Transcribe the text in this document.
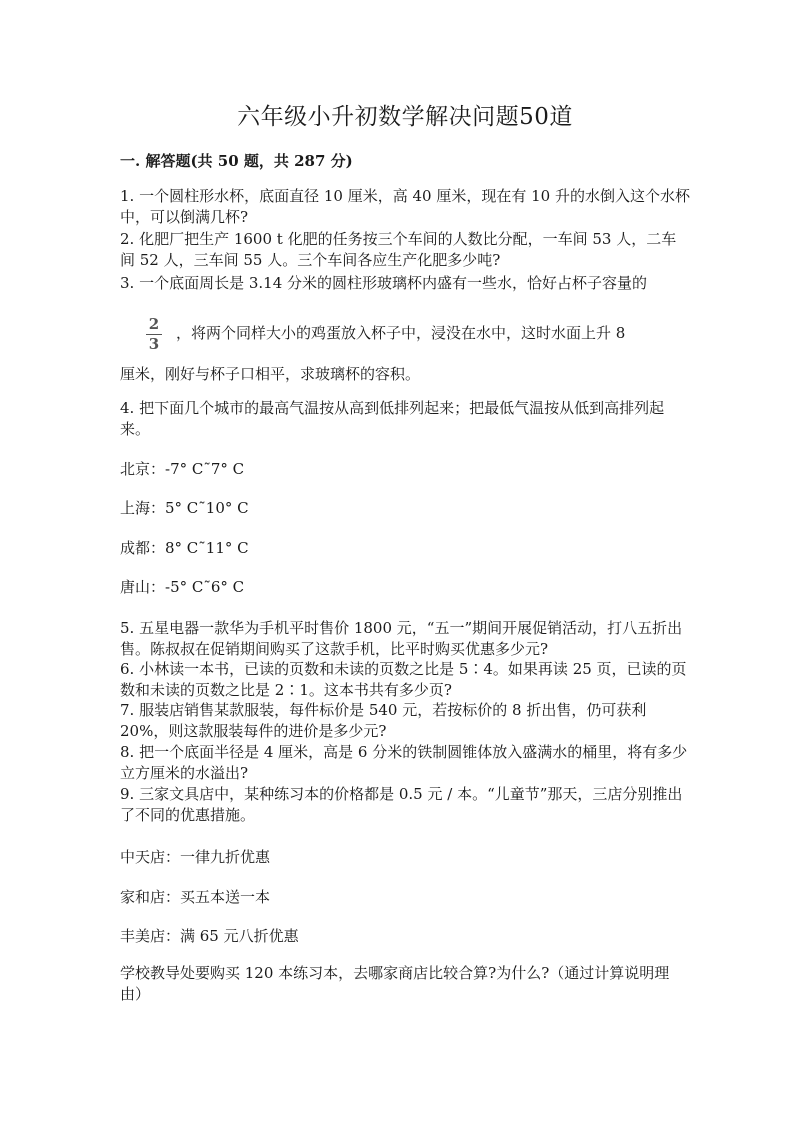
六年级小升初数学解决问题50道
一. 解答题(共 50 题，共 287 分)
1. 一个圆柱形水杯，底面直径 10 厘米，高 40 厘米，现在有 10 升的水倒入这个水杯中，可以倒满几杯?
2. 化肥厂把生产 1600 t 化肥的任务按三个车间的人数比分配，一车间 53 人，二车间 52 人，三车间 55 人。三个车间各应生产化肥多少吨?
3. 一个底面周长是 3.14 分米的圆柱形玻璃杯内盛有一些水，恰好占杯子容量的
2
3
，将两个同样大小的鸡蛋放入杯子中，浸没在水中，这时水面上升 8
厘米，刚好与杯子口相平，求玻璃杯的容积。
4. 把下面几个城市的最高气温按从高到低排列起来；把最低气温按从低到高排列起来。
北京：-7° C˜7° C
上海：5° C˜10° C
成都：8° C˜11° C
唐山：-5° C˜6° C
5. 五星电器一款华为手机平时售价 1800 元，“五一”期间开展促销活动，打八五折出售。陈叔叔在促销期间购买了这款手机，比平时购买优惠多少元?
6. 小林读一本书，已读的页数和未读的页数之比是 5∶4。如果再读 25 页，已读的页数和未读的页数之比是 2∶1。这本书共有多少页?
7. 服装店销售某款服装，每件标价是 540 元，若按标价的 8 折出售，仍可获利 20%，则这款服装每件的进价是多少元?
8. 把一个底面半径是 4 厘米，高是 6 分米的铁制圆锥体放入盛满水的桶里，将有多少立方厘米的水溢出?
9. 三家文具店中，某种练习本的价格都是 0.5 元 / 本。“儿童节”那天，三店分别推出了不同的优惠措施。
中天店：一律九折优惠
家和店：买五本送一本
丰美店：满 65 元八折优惠
学校教导处要购买 120 本练习本，去哪家商店比较合算?为什么?（通过计算说明理由）
